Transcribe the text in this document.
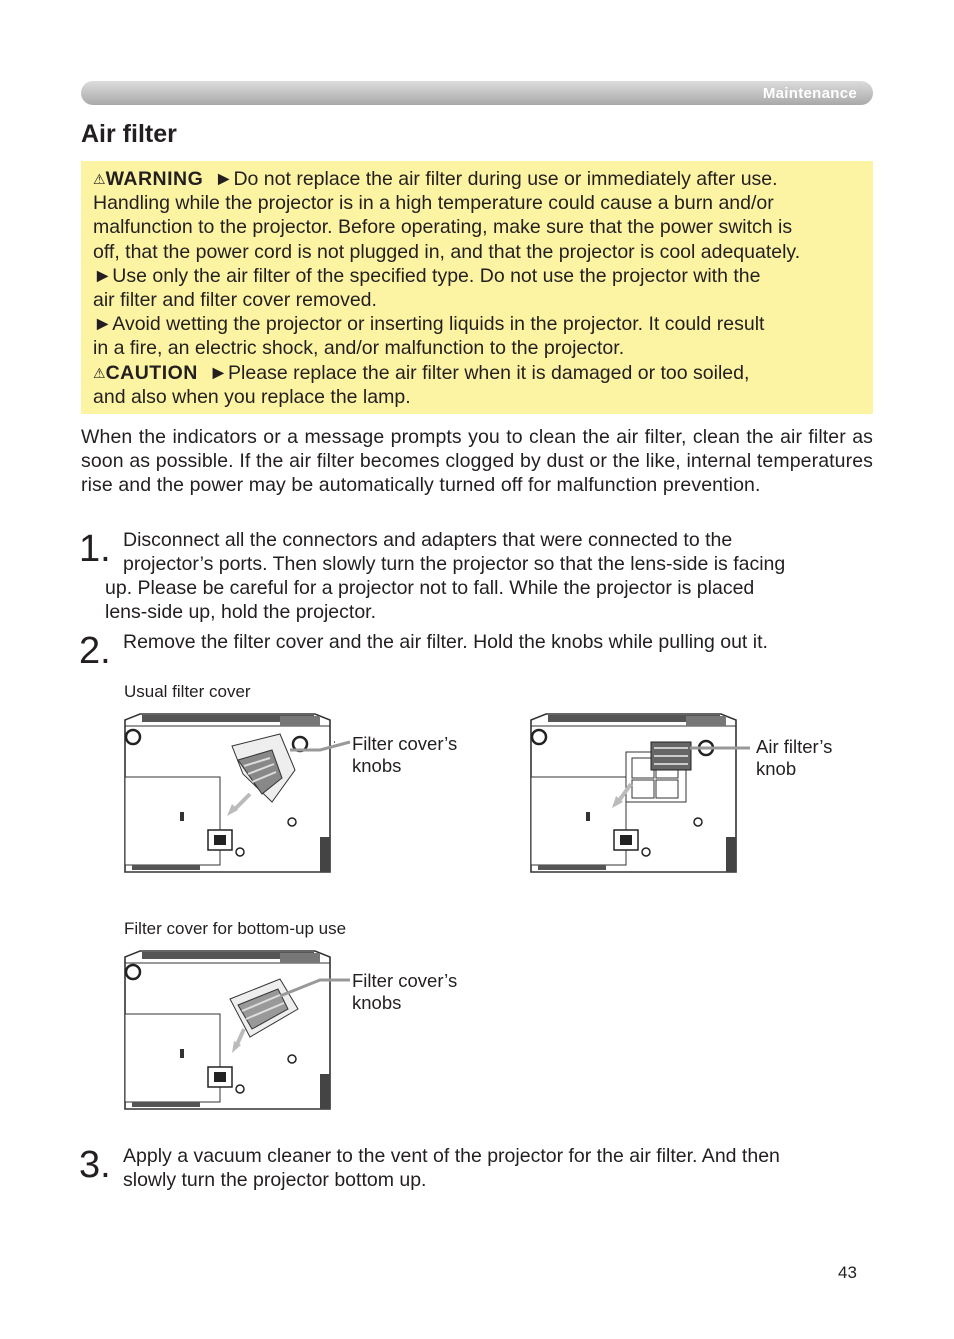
Maintenance
Air filter
⚠WARNING ►Do not replace the air filter during use or immediately after use.
Handling while the projector is in a high temperature could cause a burn and/or
malfunction to the projector. Before operating, make sure that the power switch is
off, that the power cord is not plugged in, and that the projector is cool adequately.
►Use only the air filter of the specified type. Do not use the projector with the
air filter and filter cover removed.
►Avoid wetting the projector or inserting liquids in the projector. It could result
in a fire, an electric shock, and/or malfunction to the projector.
⚠CAUTION ►Please replace the air filter when it is damaged or too soiled,
and also when you replace the lamp.
When the indicators or a message prompts you to clean the air filter, clean the air filter as soon as possible. If the air filter becomes clogged by dust or the like, internal temperatures rise and the power may be automatically turned off for malfunction prevention.
1. Disconnect all the connectors and adapters that were connected to the
projector’s ports. Then slowly turn the projector so that the lens-side is facing
up. Please be careful for a projector not to fall. While the projector is placed
lens-side up, hold the projector.
2. Remove the filter cover and the air filter. Hold the knobs while pulling out it.
Usual filter cover
Filter cover for bottom-up use
Filter cover’s
knobs
Air filter’s
knob
Filter cover’s
knobs
3. Apply a vacuum cleaner to the vent of the projector for the air filter. And then
slowly turn the projector bottom up.
43
